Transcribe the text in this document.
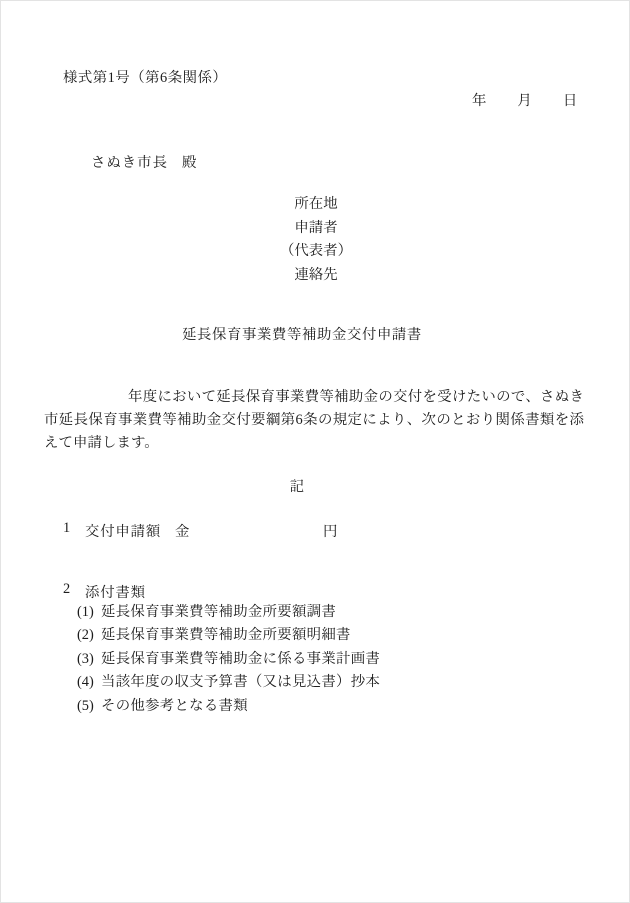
様式第1号（第6条関係）
年 月 日
さぬき市長 殿
所在地
申請者
（代表者）
連絡先
延長保育事業費等補助金交付申請書
年度において延長保育事業費等補助金の交付を受けたいので、さぬき市延長保育事業費等補助金交付要綱第6条の規定により、次のとおり関係書類を添えて申請します。
記
1 交付申請額 金	円
2 添付書類
(1) 延長保育事業費等補助金所要額調書
(2) 延長保育事業費等補助金所要額明細書
(3) 延長保育事業費等補助金に係る事業計画書
(4) 当該年度の収支予算書（又は見込書）抄本
(5) その他参考となる書類
